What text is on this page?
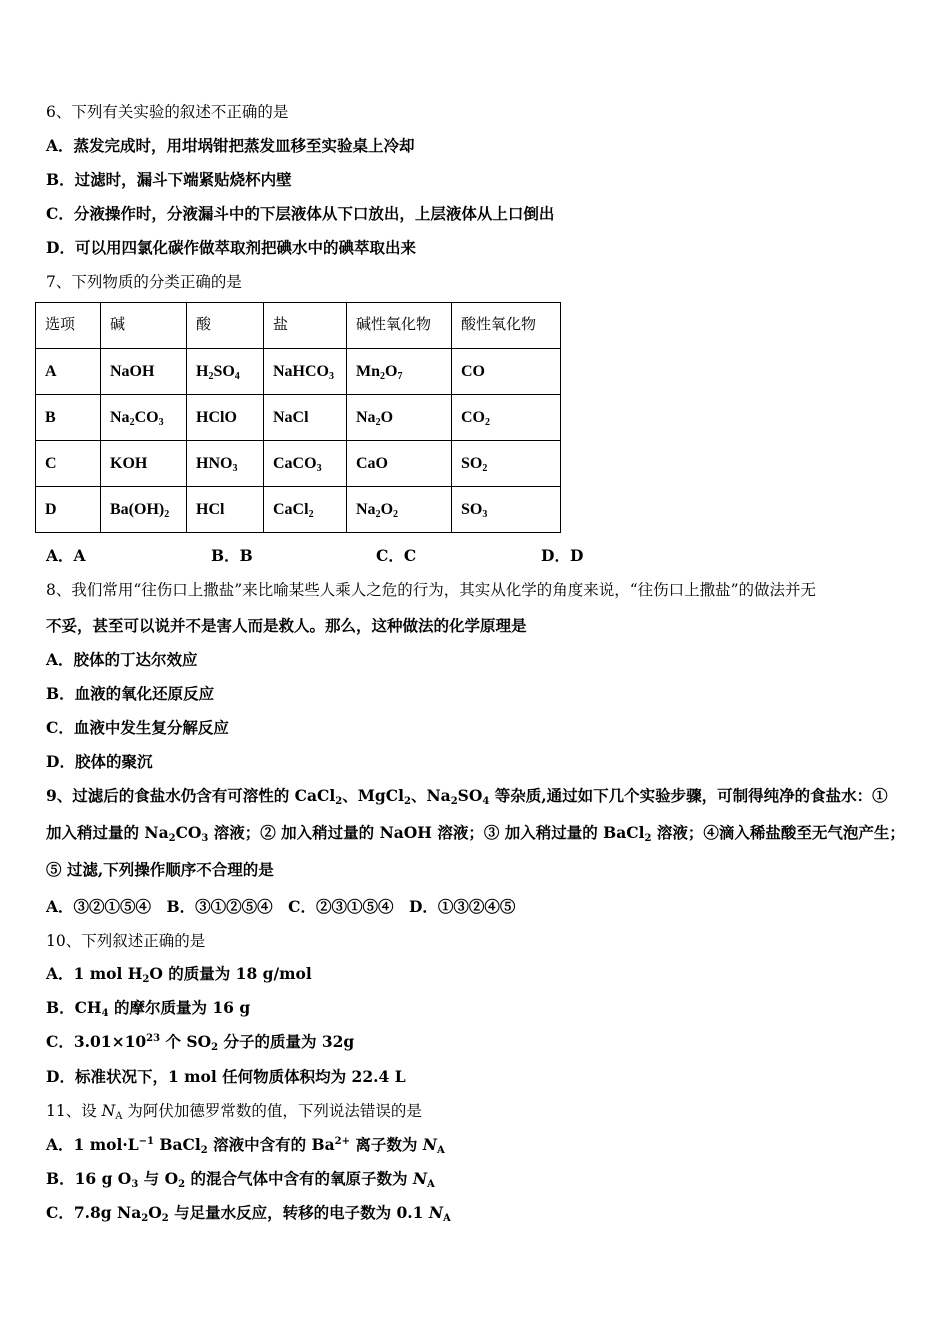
6、下列有关实验的叙述不正确的是
A．蒸发完成时，用坩埚钳把蒸发皿移至实验桌上冷却
B．过滤时，漏斗下端紧贴烧杯内壁
C．分液操作时，分液漏斗中的下层液体从下口放出，上层液体从上口倒出
D．可以用四氯化碳作做萃取剂把碘水中的碘萃取出来
7、下列物质的分类正确的是
选项	碱	酸	盐	碱性氧化物	酸性氧化物
A	NaOH	$H_2SO_4$	NaHCO$_3$	$Mn_2O_7$	CO
B	$Na_2CO_3$	HClO	NaCl	$Na_2O$	$CO_2$
C	KOH	$HNO_3$	CaCO$_3$	CaO	$SO_2$
D	$Ba(OH)_2$	HCl	CaCl$_2$	$Na_2O_2$	$SO_3$
A．A	B．B	C．C	D．D
8、我们常用“往伤口上撒盐”来比喻某些人乘人之危的行为，其实从化学的角度来说，“往伤口上撒盐”的做法并无
不妥，甚至可以说并不是害人而是救人。那么，这种做法的化学原理是
A．胶体的丁达尔效应
B．血液的氧化还原反应
C．血液中发生复分解反应
D．胶体的聚沉
9、过滤后的食盐水仍含有可溶性的 CaCl$_2$、MgCl$_2$、$Na_2SO_4$ 等杂质,通过如下几个实验步骤，可制得纯净的食盐水：①
加入稍过量的 $Na_2CO_3$ 溶液；② 加入稍过量的 NaOH 溶液；③ 加入稍过量的 BaCl$_2$ 溶液；④滴入稀盐酸至无气泡产生；
⑤ 过滤,下列操作顺序不合理的是
A．③②①⑤④　B．③①②⑤④　C．②③①⑤④　D．①③②④⑤
10、下列叙述正确的是
A．1 mol $H_2O$ 的质量为 18 g/mol
B．$CH_4$ 的摩尔质量为 16 g
C．$3.01\times 10^{23}$ 个 $SO_2$ 分子的质量为 32g
D．标准状况下，1 mol 任何物质体积均为 22.4 L
11、设 $N_A$ 为阿伏加德罗常数的值，下列说法错误的是
A．1 $mol\cdot L^{-1}$ BaCl$_2$ 溶液中含有的 $Ba^{2+}$ 离子数为 $N_A$
B．16 g $O_3$ 与 $O_2$ 的混合气体中含有的氧原子数为 $N_A$
C．7.8g $Na_2O_2$ 与足量水反应，转移的电子数为 0.1 $N_A$
